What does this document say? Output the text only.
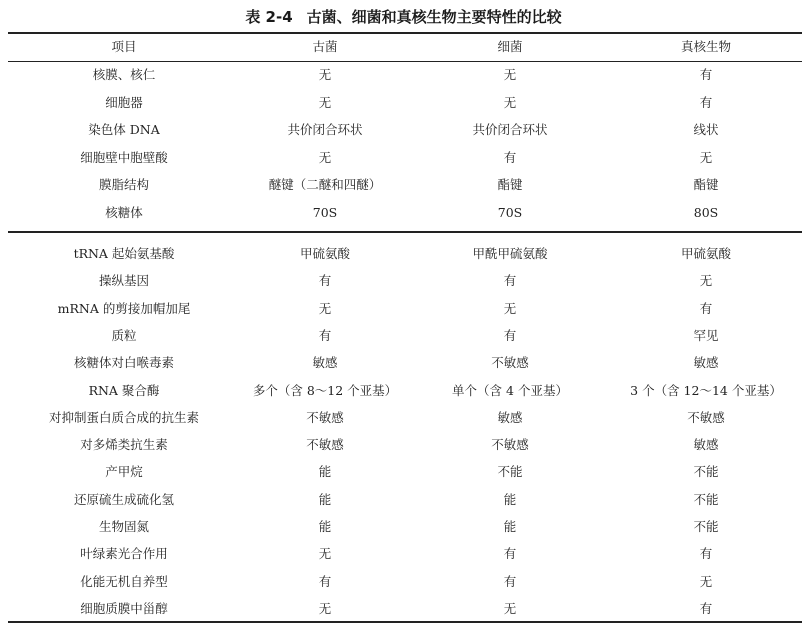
表 2-4 古菌、细菌和真核生物主要特性的比较
项目	古菌	细菌	真核生物
核膜、核仁	无	无	有
细胞器	无	无	有
染色体 DNA	共价闭合环状	共价闭合环状	线状
细胞壁中胞壁酸	无	有	无
膜脂结构	醚键（二醚和四醚）	酯键	酯键
核糖体	70S	70S	80S
tRNA 起始氨基酸	甲硫氨酸	甲酰甲硫氨酸	甲硫氨酸
操纵基因	有	有	无
mRNA 的剪接加帽加尾	无	无	有
质粒	有	有	罕见
核糖体对白喉毒素	敏感	不敏感	敏感
RNA 聚合酶	多个（含 8～12 个亚基）	单个（含 4 个亚基）	3 个（含 12～14 个亚基）
对抑制蛋白质合成的抗生素	不敏感	敏感	不敏感
对多烯类抗生素	不敏感	不敏感	敏感
产甲烷	能	不能	不能
还原硫生成硫化氢	能	能	不能
生物固氮	能	能	不能
叶绿素光合作用	无	有	有
化能无机自养型	有	有	无
细胞质膜中甾醇	无	无	有
